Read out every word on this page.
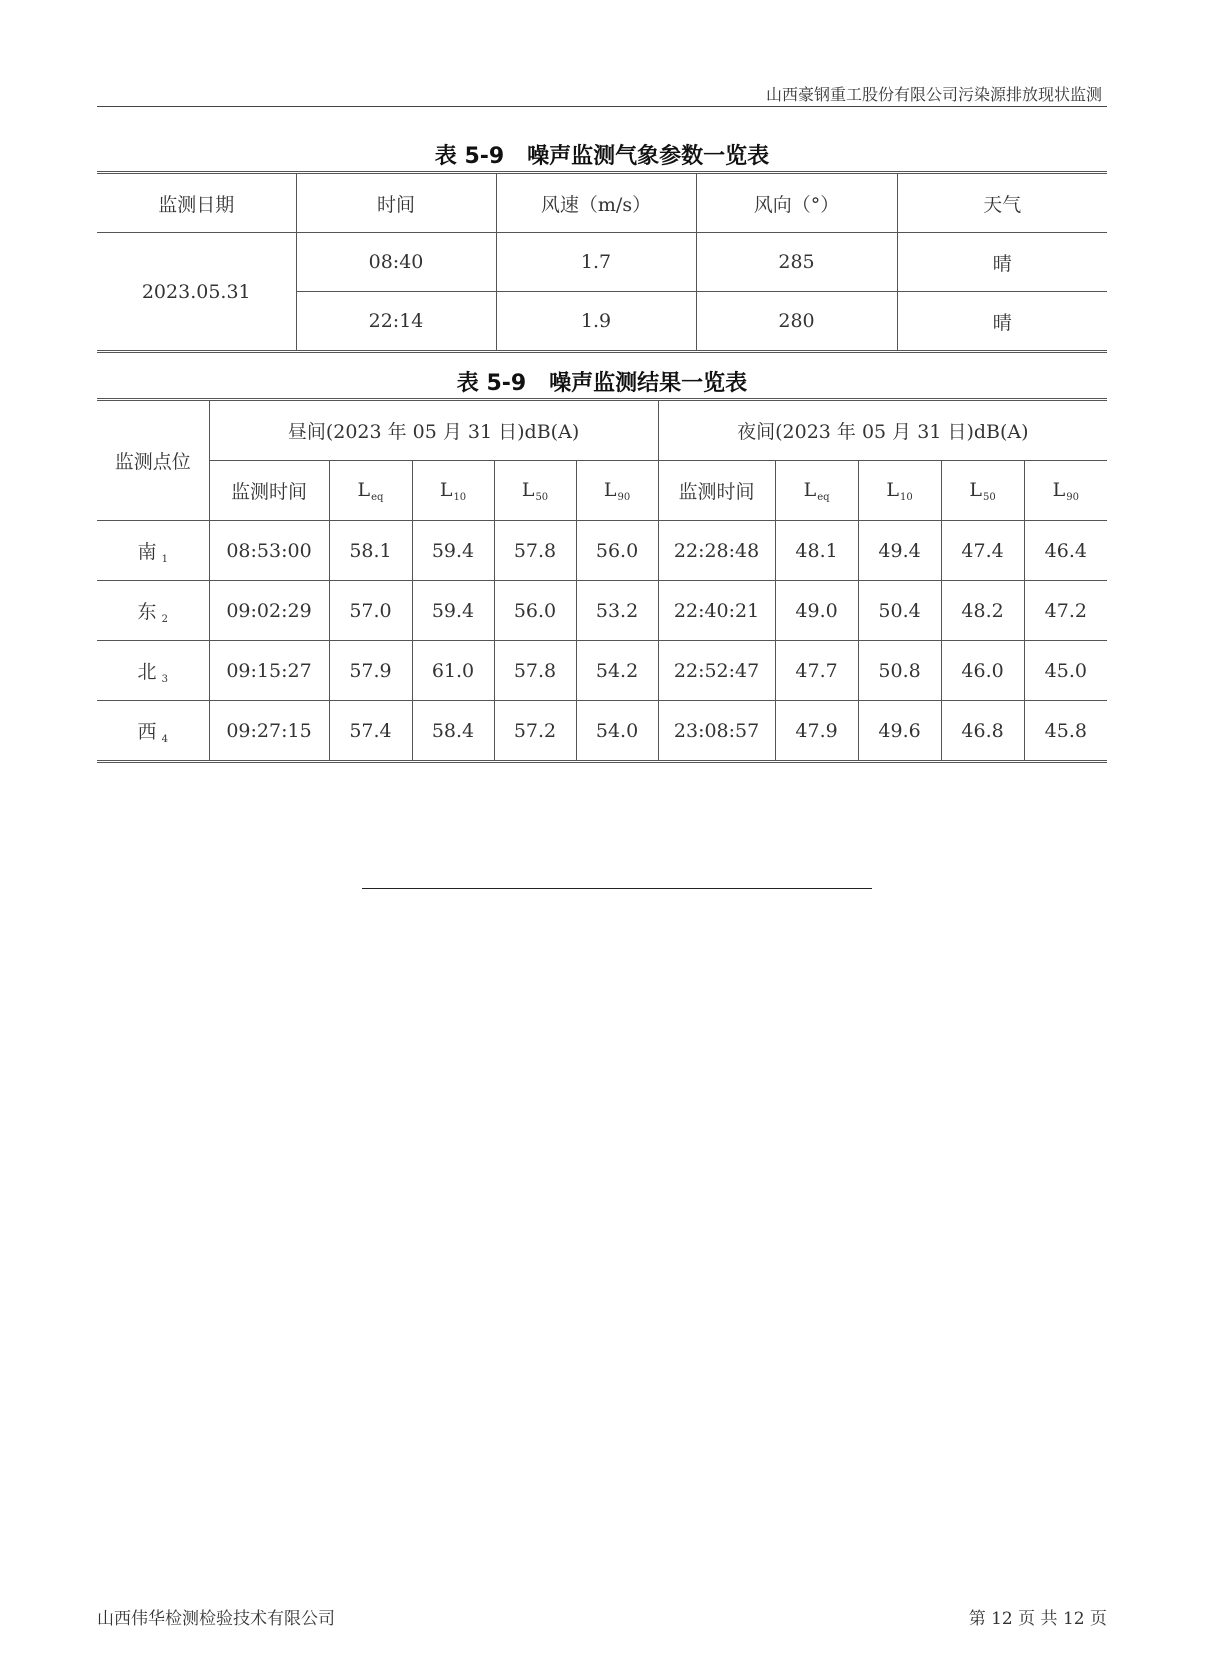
山西豪钢重工股份有限公司污染源排放现状监测
表 5-9   噪声监测气象参数一览表
监测日期	时间	风速（m/s）	风向（°）	天气
2023.05.31	08:40	1.7	285	晴
	22:14	1.9	280	晴
表 5-9   噪声监测结果一览表
监测点位	昼间(2023 年 05 月 31 日)dB(A)					夜间(2023 年 05 月 31 日)dB(A)				
	监测时间	$L_{eq}$	$L_{10}$	$L_{50}$	$L_{90}$	监测时间	$L_{eq}$	$L_{10}$	$L_{50}$	$L_{90}$
南 $_1$	08:53:00	58.1	59.4	57.8	56.0	22:28:48	48.1	49.4	47.4	46.4
东 $_2$	09:02:29	57.0	59.4	56.0	53.2	22:40:21	49.0	50.4	48.2	47.2
北 $_3$	09:15:27	57.9	61.0	57.8	54.2	22:52:47	47.7	50.8	46.0	45.0
西 $_4$	09:27:15	57.4	58.4	57.2	54.0	23:08:57	47.9	49.6	46.8	45.8
山西伟华检测检验技术有限公司	第 12 页 共 12 页
